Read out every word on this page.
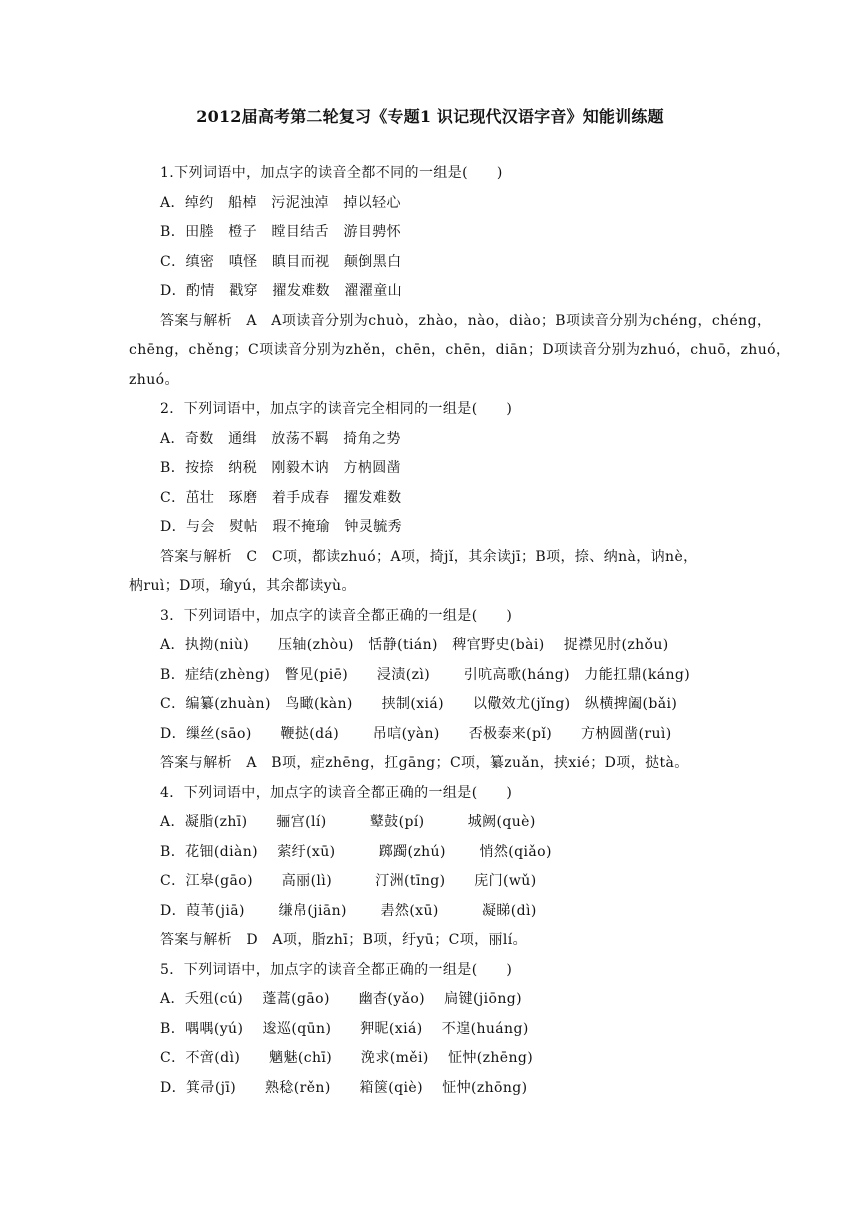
2012届高考第二轮复习《专题1 识记现代汉语字音》知能训练题
1.下列词语中，加点字的读音全都不同的一组是(　　)
A．绰约　船棹　污泥浊淖　掉以轻心
B．田塍　橙子　瞠目结舌　游目骋怀
C．缜密　嗔怪　瞋目而视　颠倒黑白
D．酌情　戳穿　擢发难数　濯濯童山
答案与解析　A　A项读音分别为chuò，zhào，nào，diào；B项读音分别为chéng，chéng，
chēng，chěng；C项读音分别为zhěn，chēn，chēn，diān；D项读音分别为zhuó，chuō，zhuó，
zhuó。
2．下列词语中，加点字的读音完全相同的一组是(　　)
A．奇数　通缉　放荡不羁　掎角之势
B．按捺　纳税　刚毅木讷　方枘圆凿
C．茁壮　琢磨　着手成春　擢发难数
D．与会　熨帖　瑕不掩瑜　钟灵毓秀
答案与解析　C　C项，都读zhuó；A项，掎jǐ，其余读jī；B项，捺、纳nà，讷nè，
枘ruì；D项，瑜yú，其余都读yù。
3．下列词语中，加点字的读音全都正确的一组是(　　)
A．执拗(niù)　　压轴(zhòu)　恬静(tián)　稗官野史(bài)　 捉襟见肘(zhǒu)
B．症结(zhèng)　瞥见(piē)　　浸渍(zì)　　 引吭高歌(háng)　力能扛鼎(káng)
C．编纂(zhuàn)　鸟瞰(kàn)　　挟制(xiá)　　以儆效尤(jǐng)　纵横捭阖(bǎi)
D．缫丝(sāo)　　鞭挞(dá)　　 吊唁(yàn)　　否极泰来(pǐ)　　方枘圆凿(ruì)
答案与解析　A　B项，症zhēng，扛gāng；C项，纂zuǎn，挟xié；D项，挞tà。
4．下列词语中，加点字的读音全都正确的一组是(　　)
A．凝脂(zhī)　　骊宫(lí)　　　鼙鼓(pí)　　　城阙(què)
B．花钿(diàn)　 萦纡(xū)　　　踯躅(zhú)　　 悄然(qiǎo)
C．江皋(gāo)　　高丽(lì)　　　汀洲(tīng)　　庑门(wǔ)
D．葭苇(jiā)　　 缣帛(jiān)　　 砉然(xū)　　　凝睇(dì)
答案与解析　D　A项，脂zhī；B项，纡yū；C项，丽lí。
5．下列词语中，加点字的读音全都正确的一组是(　　)
A．夭殂(cú)　 蓬蒿(gāo)　　幽杳(yǎo)　 扃键(jiōng)
B．喁喁(yú)　 逡巡(qūn)　　狎昵(xiá)　 不遑(huáng)
C．不啻(dì)　　魑魅(chī)　　浼求(měi)　 怔忡(zhēng)
D．箕帚(jī)　　熟稔(rěn)　　箱箧(qiè)　 怔忡(zhōng)
